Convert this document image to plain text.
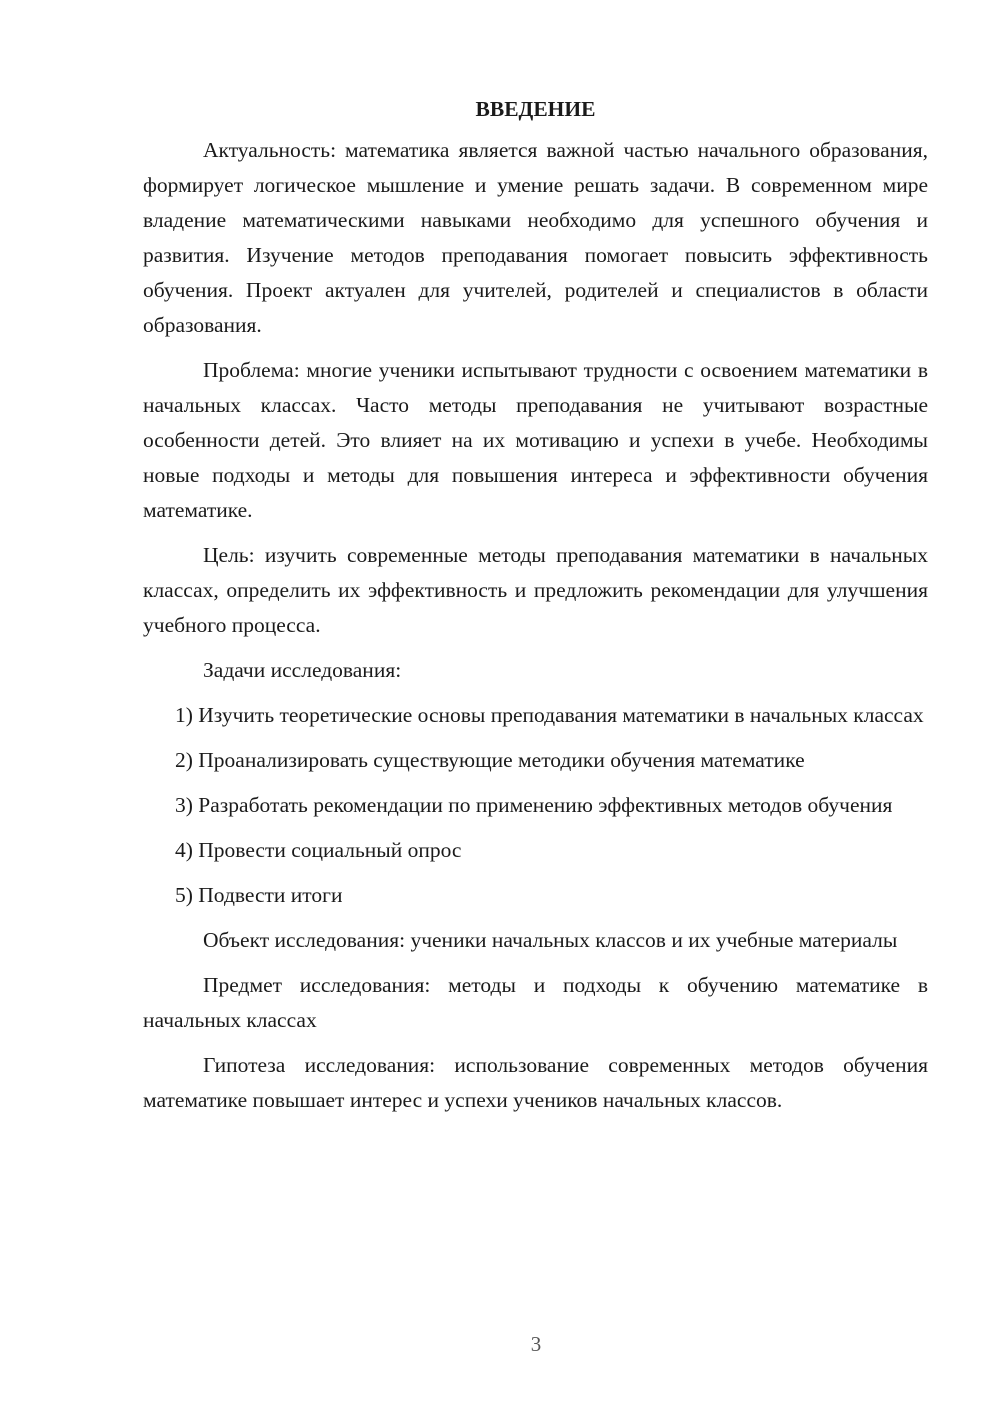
ВВЕДЕНИЕ
Актуальность: математика является важной частью начального образования, формирует логическое мышление и умение решать задачи. В современном мире владение математическими навыками необходимо для успешного обучения и развития. Изучение методов преподавания помогает повысить эффективность обучения. Проект актуален для учителей, родителей и специалистов в области образования.
Проблема: многие ученики испытывают трудности с освоением математики в начальных классах. Часто методы преподавания не учитывают возрастные особенности детей. Это влияет на их мотивацию и успехи в учебе. Необходимы новые подходы и методы для повышения интереса и эффективности обучения математике.
Цель: изучить современные методы преподавания математики в начальных классах, определить их эффективность и предложить рекомендации для улучшения учебного процесса.
Задачи исследования:
1) Изучить теоретические основы преподавания математики в начальных классах
2) Проанализировать существующие методики обучения математике
3) Разработать рекомендации по применению эффективных методов обучения
4) Провести социальный опрос
5) Подвести итоги
Объект исследования: ученики начальных классов и их учебные материалы
Предмет исследования: методы и подходы к обучению математике в начальных классах
Гипотеза исследования: использование современных методов обучения математике повышает интерес и успехи учеников начальных классов.
3
